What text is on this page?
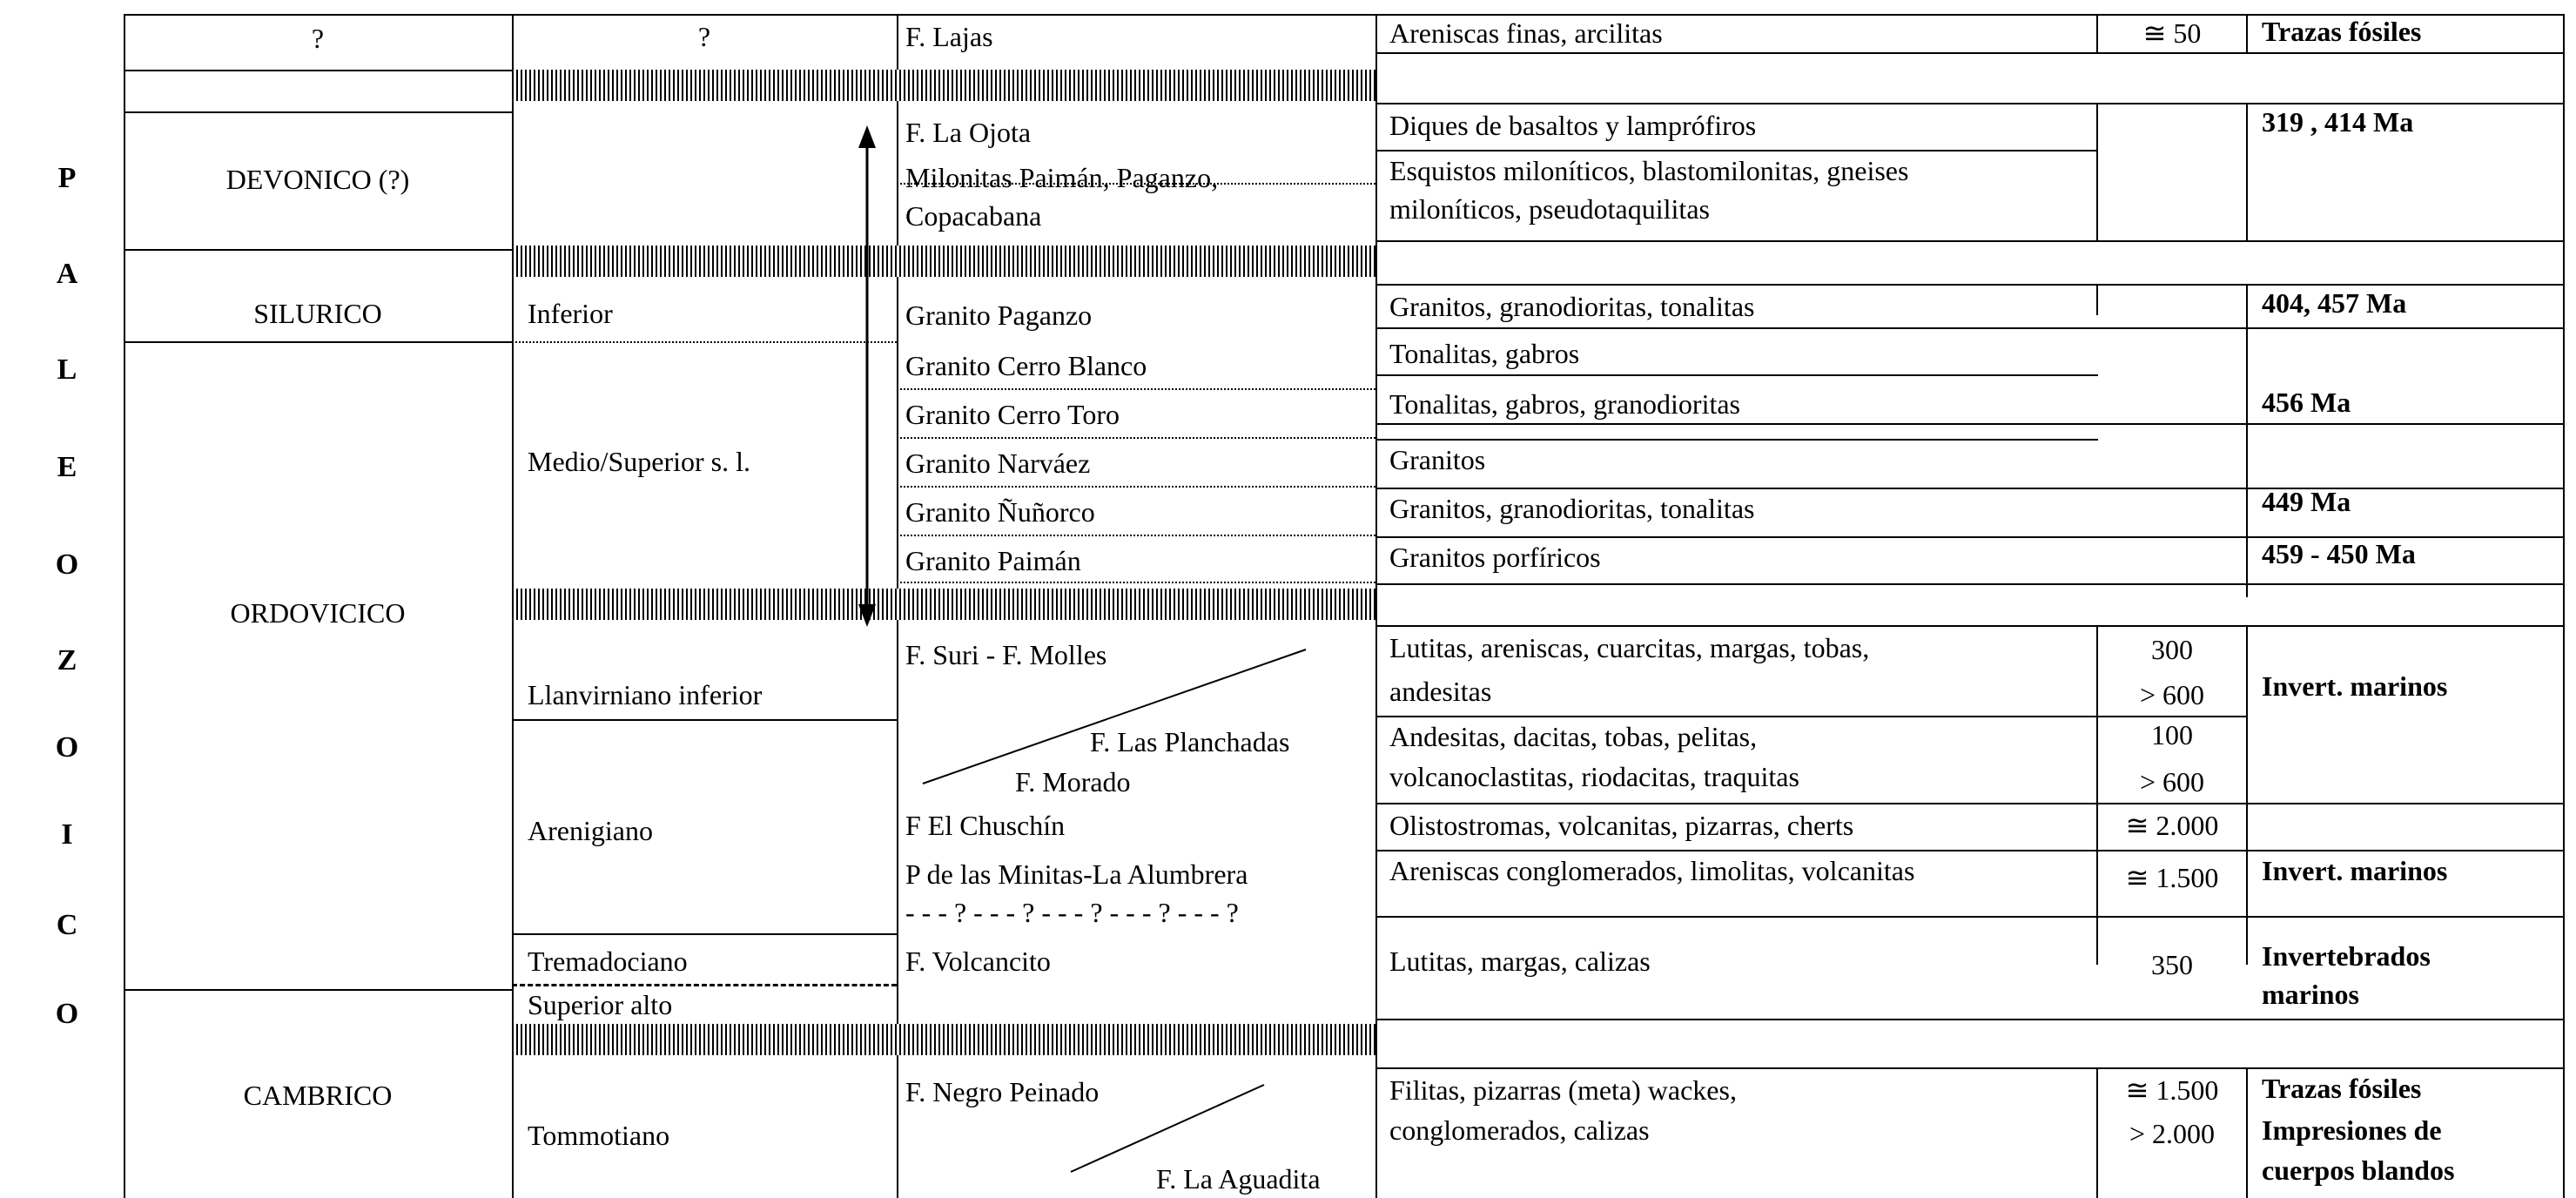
P
A
L
E
O
Z
O
I
C
O
?
DEVONICO (?)
SILURICO
ORDOVICICO
CAMBRICO
?
Inferior
Medio/Superior s. l.
Llanvirniano inferior
Arenigiano
Tremadociano
Superior alto
Tommotiano
F. Lajas
F. La Ojota
Milonitas Paimán, Paganzo,
Copacabana
Granito Paganzo
Granito Cerro Blanco
Granito Cerro Toro
Granito Narváez
Granito Ñuñorco
Granito Paimán
F. Suri - F. Molles
F. Las Planchadas
F. Morado
F El Chuschín
P de las Minitas-La Alumbrera
- - - ? - - - ? - - - ? - - - ? - - - ?
F. Volcancito
F. Negro Peinado
F. La Aguadita
Areniscas finas, arcilitas
Diques de basaltos y lamprófiros
Esquistos miloníticos, blastomilonitas, gneises
miloníticos, pseudotaquilitas
Granitos, granodioritas, tonalitas
Tonalitas, gabros
Tonalitas, gabros, granodioritas
Granitos
Granitos, granodioritas, tonalitas
Granitos porfíricos
Lutitas, areniscas, cuarcitas, margas, tobas,
andesitas
Andesitas, dacitas, tobas, pelitas,
volcanoclastitas, riodacitas, traquitas
Olistostromas, volcanitas, pizarras, cherts
Areniscas conglomerados, limolitas, volcanitas
Lutitas, margas, calizas
Filitas, pizarras (meta) wackes,
conglomerados, calizas
≅ 50
300
> 600
100
> 600
≅ 2.000
≅ 1.500
350
≅ 1.500
> 2.000
Trazas fósiles
319 , 414 Ma
404, 457 Ma
456 Ma
449 Ma
459 - 450 Ma
Invert. marinos
Invert. marinos
Invertebrados
marinos
Trazas fósiles
Impresiones de
cuerpos blandos
